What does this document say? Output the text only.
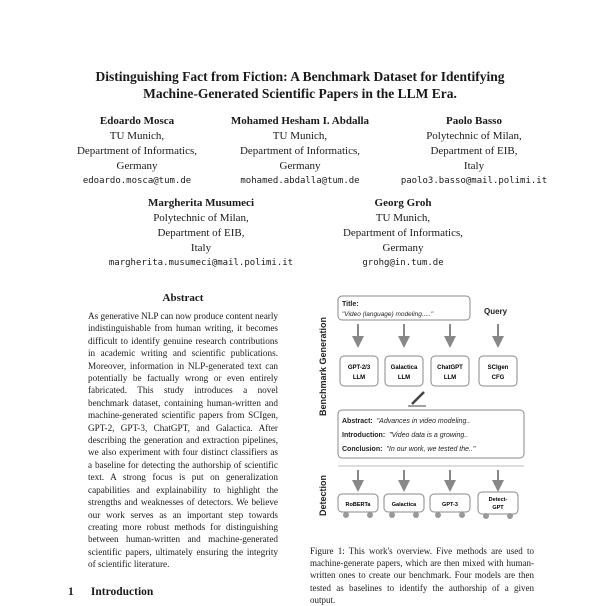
Distinguishing Fact from Fiction: A Benchmark Dataset for Identifying
Machine-Generated Scientific Papers in the LLM Era.
Edoardo Mosca
TU Munich,
Department of Informatics,
Germany
edoardo.mosca@tum.de
Mohamed Hesham I. Abdalla
TU Munich,
Department of Informatics,
Germany
mohamed.abdalla@tum.de
Paolo Basso
Polytechnic of Milan,
Department of EIB,
Italy
paolo3.basso@mail.polimi.it
Margherita Musumeci
Polytechnic of Milan,
Department of EIB,
Italy
margherita.musumeci@mail.polimi.it
Georg Groh
TU Munich,
Department of Informatics,
Germany
grohg@in.tum.de
Abstract
As generative NLP can now produce content nearly indistinguishable from human writing, it becomes difficult to identify genuine research contributions in academic writing and scientific publications. Moreover, information in NLP-generated text can potentially be factually wrong or even entirely fabricated. This study introduces a novel benchmark dataset, containing human-written and machine-generated scientific papers from SCIgen, GPT-2, GPT-3, ChatGPT, and Galactica. After describing the generation and extraction pipelines, we also experiment with four distinct classifiers as a baseline for detecting the authorship of scientific text. A strong focus is put on generalization capabilities and explainability to highlight the strengths and weaknesses of detectors. We believe our work serves as an important step towards creating more robust methods for distinguishing between human-written and machine-generated scientific papers, ultimately ensuring the integrity of scientific literature.
1 Introduction
Benchmark Generation
Detection
Title:
"Video (language) modeling....."	Query
GPT-2/3
LLM
Galactica
LLM
ChatGPT
LLM
SCIgen
CFG
Abstract: "Advances in video modeling..
Introduction: "Video data is a growing..
Conclusion: "In our work, we tested the.."
RoBERTa	Galactica	GPT-3
Detect-
GPT
Figure 1: This work's overview. Five methods are used to machine-generate papers, which are then mixed with human-written ones to create our benchmark. Four models are then tested as baselines to identify the authorship of a given output.
